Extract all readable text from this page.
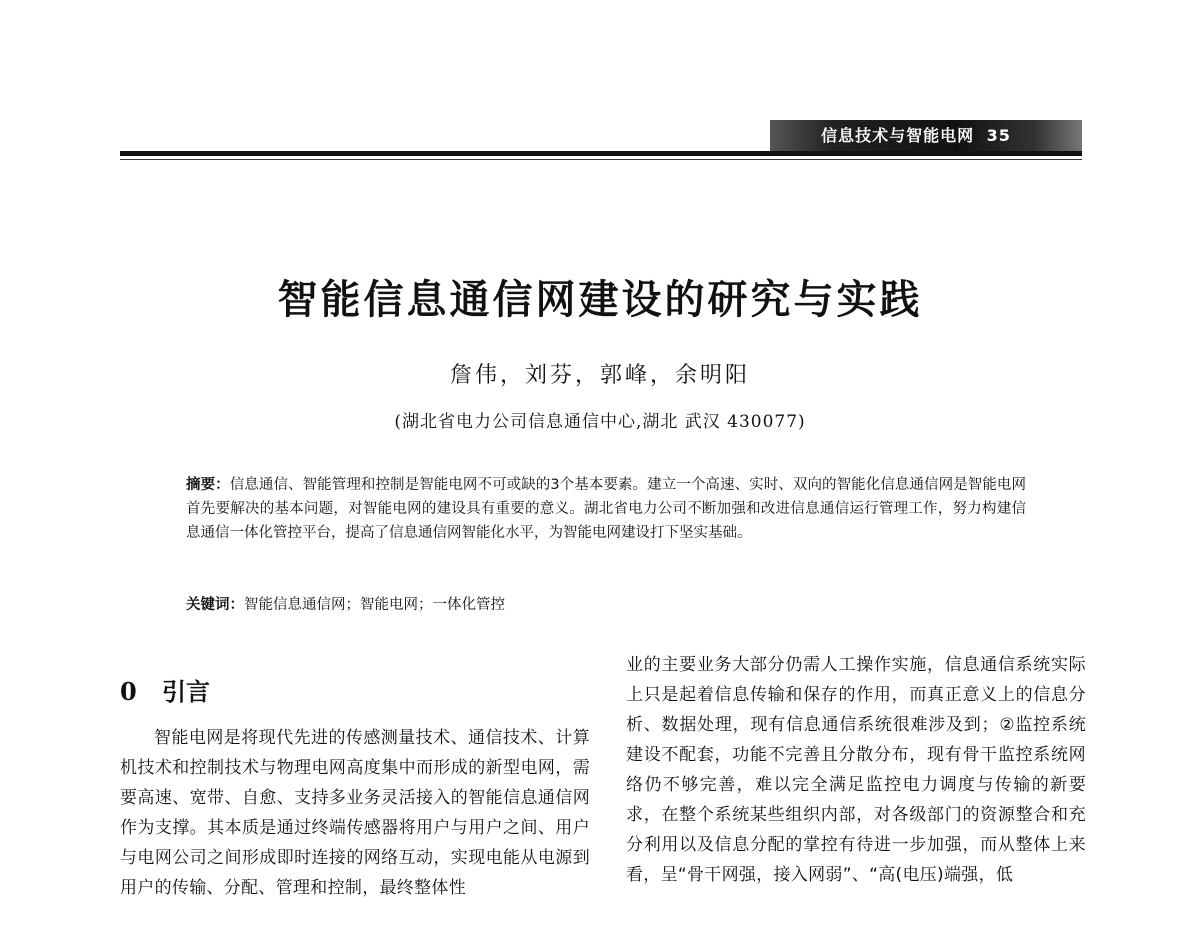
信息技术与智能电网 35
智能信息通信网建设的研究与实践
詹伟，刘芬，郭峰，余明阳
(湖北省电力公司信息通信中心,湖北 武汉 430077)
摘要：信息通信、智能管理和控制是智能电网不可或缺的3个基本要素。建立一个高速、实时、双向的智能化信息通信网是智能电网首先要解决的基本问题，对智能电网的建设具有重要的意义。湖北省电力公司不断加强和改进信息通信运行管理工作，努力构建信息通信一体化管控平台，提高了信息通信网智能化水平，为智能电网建设打下坚实基础。
关键词：智能信息通信网；智能电网；一体化管控
0 引言

智能电网是将现代先进的传感测量技术、通信技术、计算机技术和控制技术与物理电网高度集中而形成的新型电网，需要高速、宽带、自愈、支持多业务灵活接入的智能信息通信网作为支撑。其本质是通过终端传感器将用户与用户之间、用户与电网公司之间形成即时连接的网络互动，实现电能从电源到用户的传输、分配、管理和控制，最终整体性

业的主要业务大部分仍需人工操作实施，信息通信系统实际上只是起着信息传输和保存的作用，而真正意义上的信息分析、数据处理，现有信息通信系统很难涉及到；②监控系统建设不配套，功能不完善且分散分布，现有骨干监控系统网络仍不够完善，难以完全满足监控电力调度与传输的新要求，在整个系统某些组织内部，对各级部门的资源整合和充分利用以及信息分配的掌控有待进一步加强，而从整体上来看，呈“骨干网强，接入网弱”、“高(电压)端强，低
